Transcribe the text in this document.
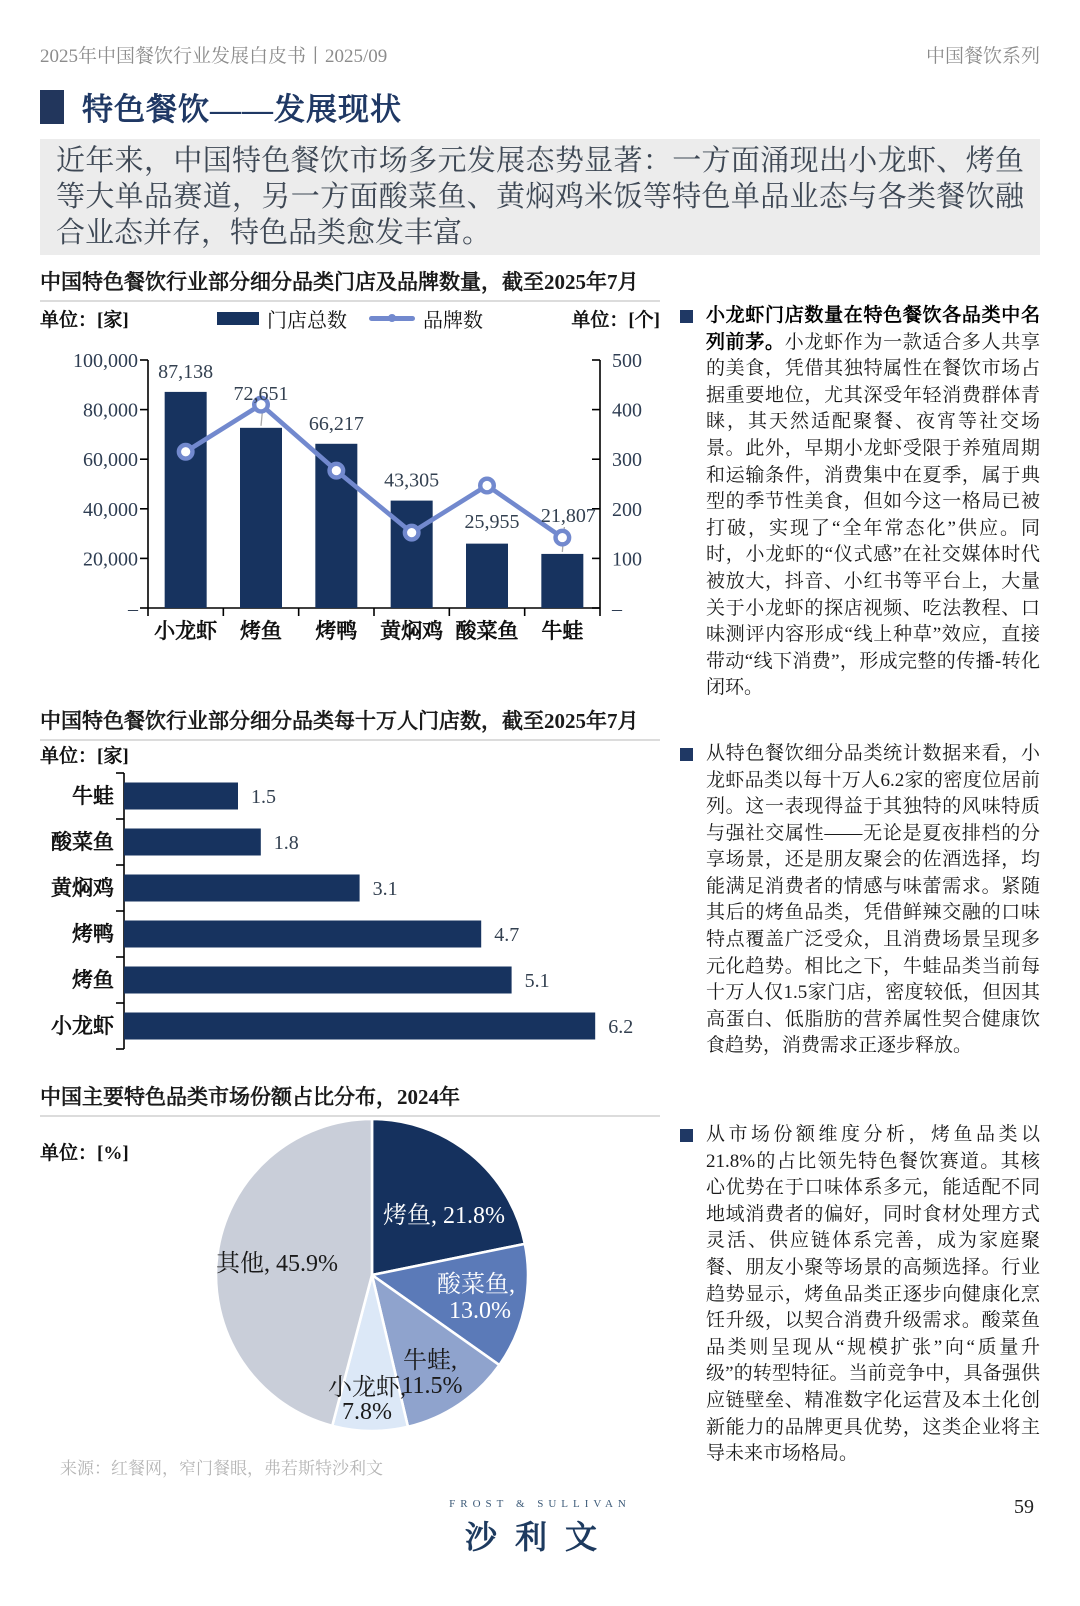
2025年中国餐饮行业发展白皮书丨2025/09	中国餐饮系列
特色餐饮——发展现状
近年来，中国特色餐饮市场多元发展态势显著：一方面涌现出小龙虾、烤鱼等大单品赛道，另一方面酸菜鱼、黄焖鸡米饭等特色单品业态与各类餐饮融合业态并存，特色品类愈发丰富。
中国特色餐饮行业部分细分品类门店及品牌数量，截至2025年7月
单位：[家]	门店总数	品牌数	单位：[个]
100,000
80,000
60,000
40,000
20,000
–
500
400
300
200
100
–
87,138
72,651
66,217
43,305
25,955 21,807
小龙虾 烤鱼 烤鸭 黄焖鸡 酸菜鱼 牛蛙

小龙虾门店数量在特色餐饮各品类中名列前茅。小龙虾作为一款适合多人共享的美食，凭借其独特属性在餐饮市场占据重要地位，尤其深受年轻消费群体青睐，其天然适配聚餐、夜宵等社交场景。此外，早期小龙虾受限于养殖周期和运输条件，消费集中在夏季，属于典型的季节性美食，但如今这一格局已被打破，实现了“全年常态化”供应。同时，小龙虾的“仪式感”在社交媒体时代被放大，抖音、小红书等平台上，大量关于小龙虾的探店视频、吃法教程、口味测评内容形成“线上种草”效应，直接带动“线下消费”，形成完整的传播-转化闭环。

中国特色餐饮行业部分细分品类每十万人门店数，截至2025年7月
单位：[家]
牛蛙	1.5
酸菜鱼	1.8
黄焖鸡	3.1
烤鸭	4.7
烤鱼	5.1
小龙虾	6.2

从特色餐饮细分品类统计数据来看，小龙虾品类以每十万人6.2家的密度位居前列。这一表现得益于其独特的风味特质与强社交属性——无论是夏夜排档的分享场景，还是朋友聚会的佐酒选择，均能满足消费者的情感与味蕾需求。紧随其后的烤鱼品类，凭借鲜辣交融的口味特点覆盖广泛受众，且消费场景呈现多元化趋势。相比之下，牛蛙品类当前每十万人仅1.5家门店，密度较低，但因其高蛋白、低脂肪的营养属性契合健康饮食趋势，消费需求正逐步释放。

中国主要特色品类市场份额占比分布，2024年
单位：[%]
烤鱼, 21.8%
酸菜鱼,
13.0%
牛蛙,
11.5%
小龙虾,
7.8%
其他, 45.9%

从市场份额维度分析，烤鱼品类以21.8%的占比领先特色餐饮赛道。其核心优势在于口味体系多元，能适配不同地域消费者的偏好，同时食材处理方式灵活、供应链体系完善，成为家庭聚餐、朋友小聚等场景的高频选择。行业趋势显示，烤鱼品类正逐步向健康化烹饪升级，以契合消费升级需求。酸菜鱼品类则呈现从“规模扩张”向“质量升级”的转型特征。当前竞争中，具备强供应链壁垒、精准数字化运营及本土化创新能力的品牌更具优势，这类企业将主导未来市场格局。

来源：红餐网，窄门餐眼，弗若斯特沙利文
FROST & SULLIVAN
沙利文
59
